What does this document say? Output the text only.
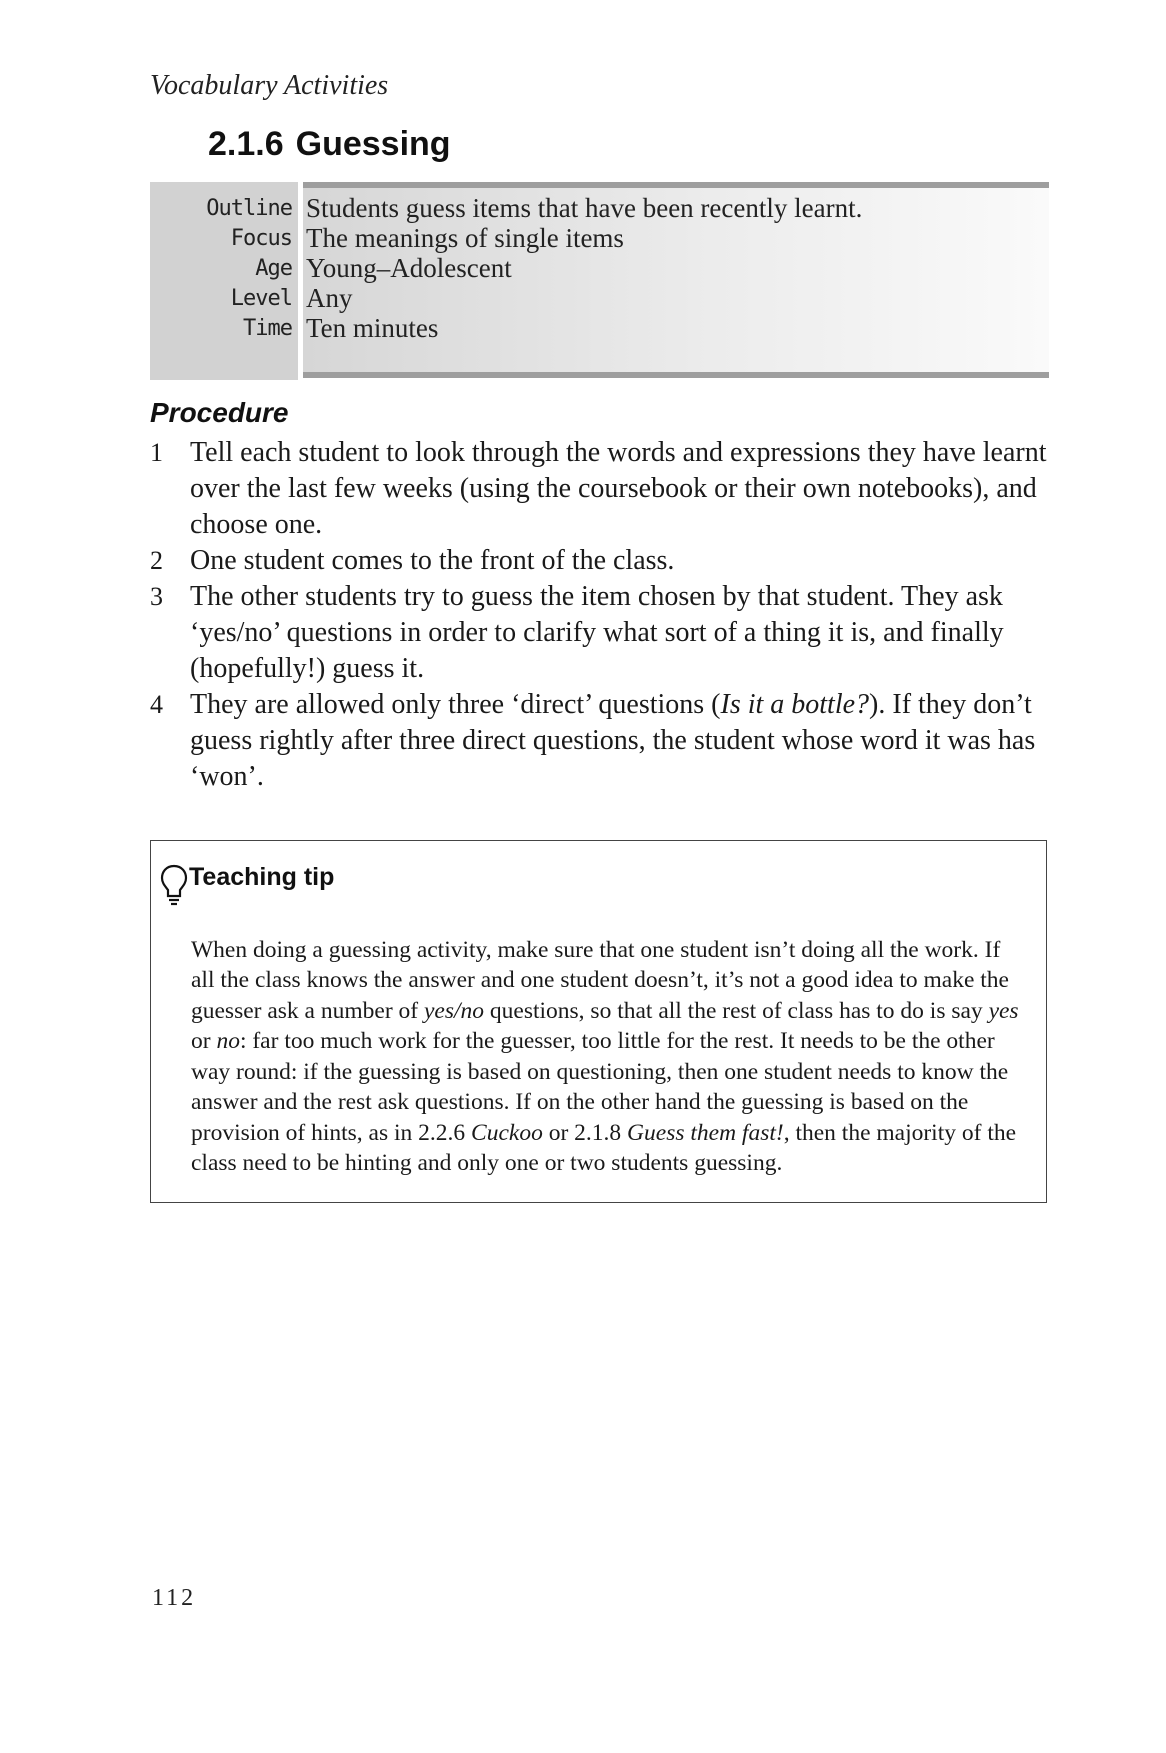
Vocabulary Activities
2.1.6 Guessing
Outline Students guess items that have been recently learnt.
Focus The meanings of single items
Age Young–Adolescent
Level Any
Time Ten minutes
Procedure
1 Tell each student to look through the words and expressions they have learnt over the last few weeks (using the coursebook or their own notebooks), and choose one.
2 One student comes to the front of the class.
3 The other students try to guess the item chosen by that student. They ask ‘yes/no’ questions in order to clarify what sort of a thing it is, and finally (hopefully!) guess it.
4 They are allowed only three ‘direct’ questions (Is it a bottle?). If they don’t guess rightly after three direct questions, the student whose word it was has ‘won’.
Teaching tip

When doing a guessing activity, make sure that one student isn’t doing all the work. If all the class knows the answer and one student doesn’t, it’s not a good idea to make the guesser ask a number of yes/no questions, so that all the rest of class has to do is say yes or no: far too much work for the guesser, too little for the rest. It needs to be the other way round: if the guessing is based on questioning, then one student needs to know the answer and the rest ask questions. If on the other hand the guessing is based on the provision of hints, as in 2.2.6 Cuckoo or 2.1.8 Guess them fast!, then the majority of the class need to be hinting and only one or two students guessing.

112
